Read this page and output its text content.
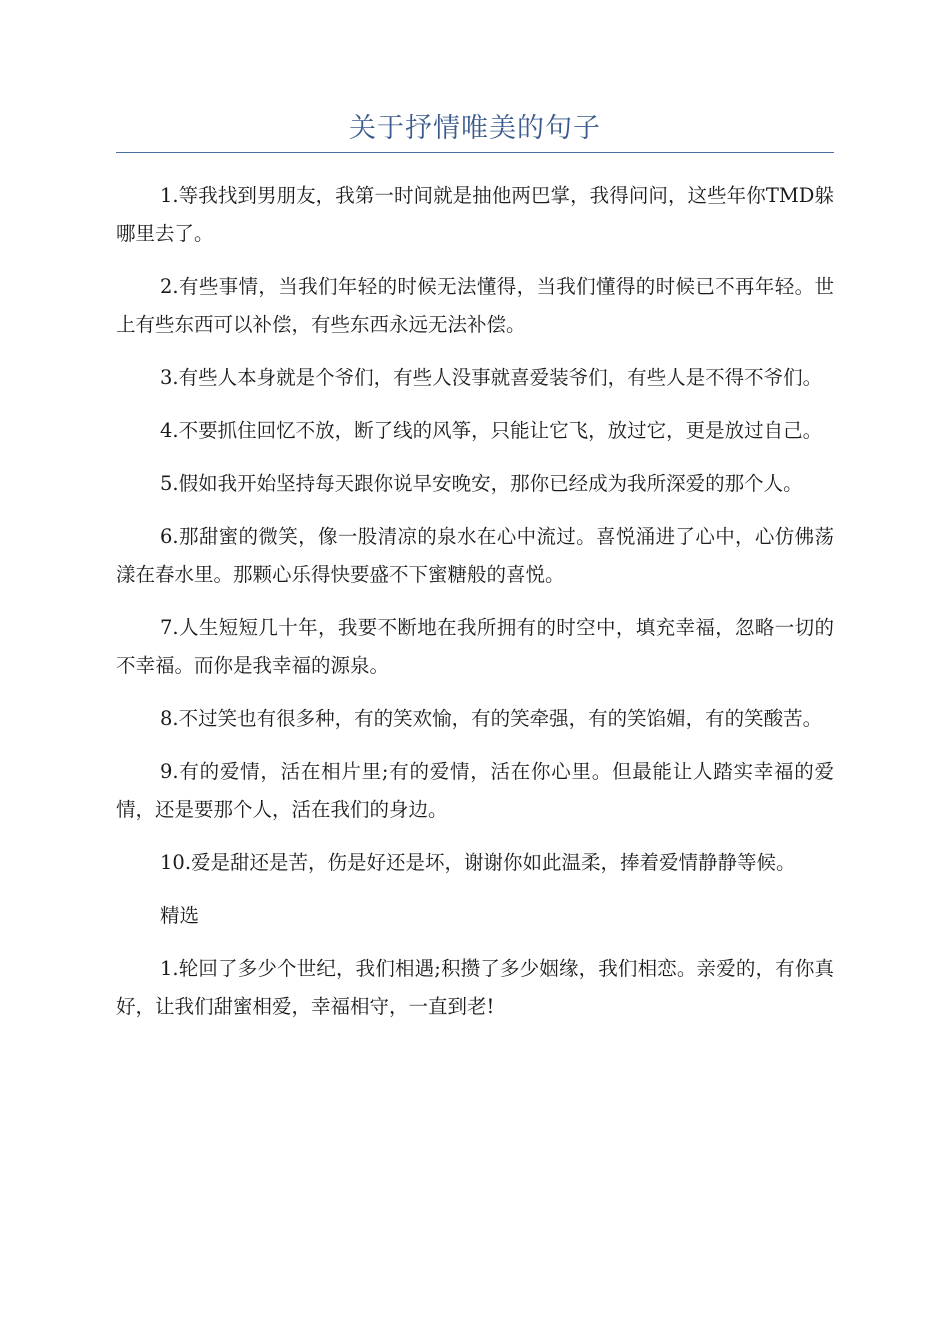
关于抒情唯美的句子

1.等我找到男朋友，我第一时间就是抽他两巴掌，我得问问，这些年你TMD躲哪里去了。

2.有些事情，当我们年轻的时候无法懂得，当我们懂得的时候已不再年轻。世上有些东西可以补偿，有些东西永远无法补偿。

3.有些人本身就是个爷们，有些人没事就喜爱装爷们，有些人是不得不爷们。

4.不要抓住回忆不放，断了线的风筝，只能让它飞，放过它，更是放过自己。

5.假如我开始坚持每天跟你说早安晚安，那你已经成为我所深爱的那个人。

6.那甜蜜的微笑，像一股清凉的泉水在心中流过。喜悦涌进了心中，心仿佛荡漾在春水里。那颗心乐得快要盛不下蜜糖般的喜悦。

7.人生短短几十年，我要不断地在我所拥有的时空中，填充幸福，忽略一切的不幸福。而你是我幸福的源泉。

8.不过笑也有很多种，有的笑欢愉，有的笑牵强，有的笑馅媚，有的笑酸苦。

9.有的爱情，活在相片里;有的爱情，活在你心里。但最能让人踏实幸福的爱情，还是要那个人，活在我们的身边。

10.爱是甜还是苦，伤是好还是坏，谢谢你如此温柔，捧着爱情静静等候。

精选

1.轮回了多少个世纪，我们相遇;积攒了多少姻缘，我们相恋。亲爱的，有你真好，让我们甜蜜相爱，幸福相守，一直到老!
